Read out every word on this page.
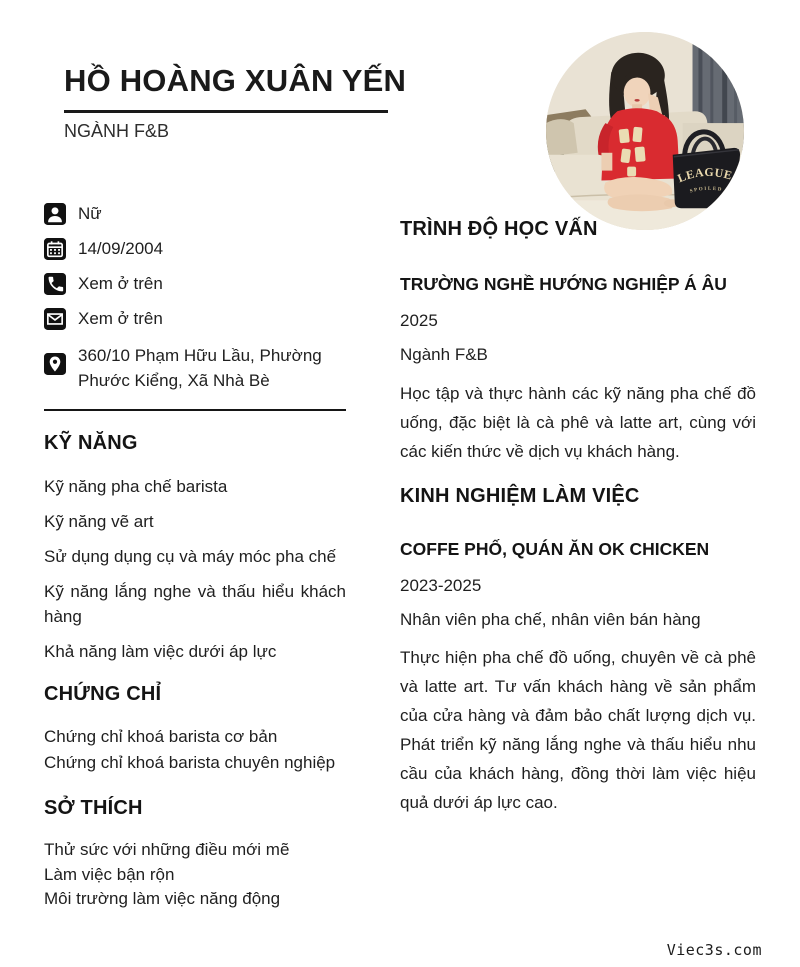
HỒ HOÀNG XUÂN YẾN
NGÀNH F&B
LEAGUE
SPOILED
Nữ
14/09/2004
Xem ở trên
Xem ở trên
360/10 Phạm Hữu Lầu, Phường Phước Kiểng, Xã Nhà Bè
KỸ NĂNG
Kỹ năng pha chế barista
Kỹ năng vẽ art
Sử dụng dụng cụ và máy móc pha chế
Kỹ năng lắng nghe và thấu hiểu khách hàng
Khả năng làm việc dưới áp lực
CHỨNG CHỈ
Chứng chỉ khoá barista cơ bản
Chứng chỉ khoá barista chuyên nghiệp
SỞ THÍCH
Thử sức với những điều mới mẽ
Làm việc bận rộn
Môi trường làm việc năng động
TRÌNH ĐỘ HỌC VẤN
TRƯỜNG NGHỀ HƯỚNG NGHIỆP Á ÂU
2025
Ngành F&B

Học tập và thực hành các kỹ năng pha chế đồ uống, đặc biệt là cà phê và latte art, cùng với các kiến thức về dịch vụ khách hàng.

KINH NGHIỆM LÀM VIỆC
COFFE PHỐ, QUÁN ĂN OK CHICKEN
2023-2025
Nhân viên pha chế, nhân viên bán hàng

Thực hiện pha chế đồ uống, chuyên về cà phê và latte art. Tư vấn khách hàng về sản phẩm của cửa hàng và đảm bảo chất lượng dịch vụ. Phát triển kỹ năng lắng nghe và thấu hiểu nhu cầu của khách hàng, đồng thời làm việc hiệu quả dưới áp lực cao.

Viec3s.com
